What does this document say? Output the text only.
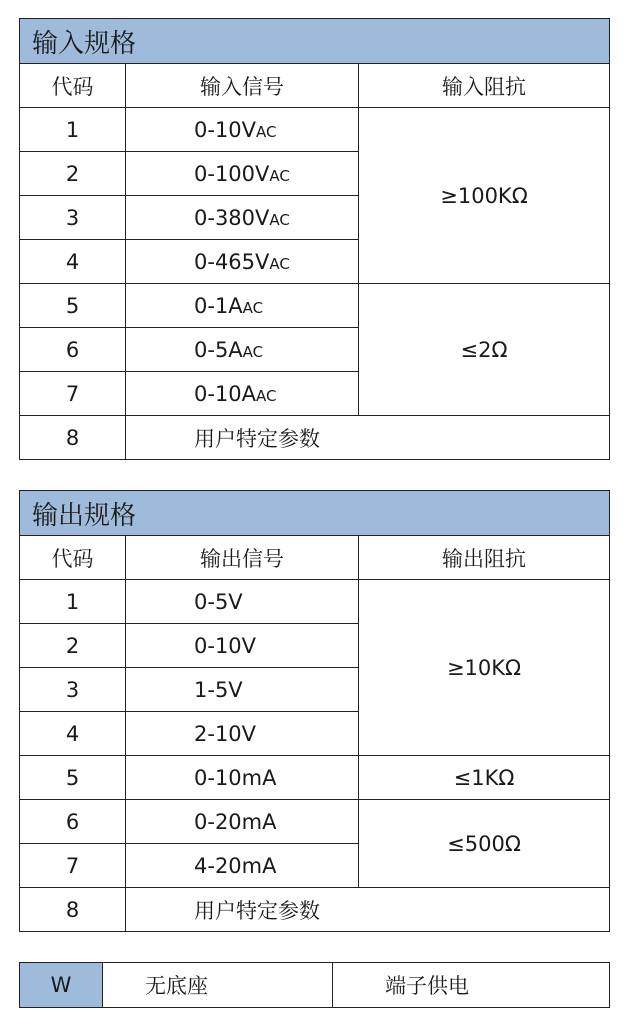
输入规格		
代码	输入信号	输入阻抗
1	0-10VAC	≥100KΩ
2	0-100VAC	
3	0-380VAC	
4	0-465VAC	
5	0-1AAC	≤2Ω
6	0-5AAC	
7	0-10AAC	
8	用户特定参数	
输出规格		
代码	输出信号	输出阻抗
1	0-5V	≥10KΩ
2	0-10V	
3	1-5V	
4	2-10V	
5	0-10mA	≤1KΩ
6	0-20mA	≤500Ω
7	4-20mA	
8	用户特定参数	
W	无底座	端子供电
